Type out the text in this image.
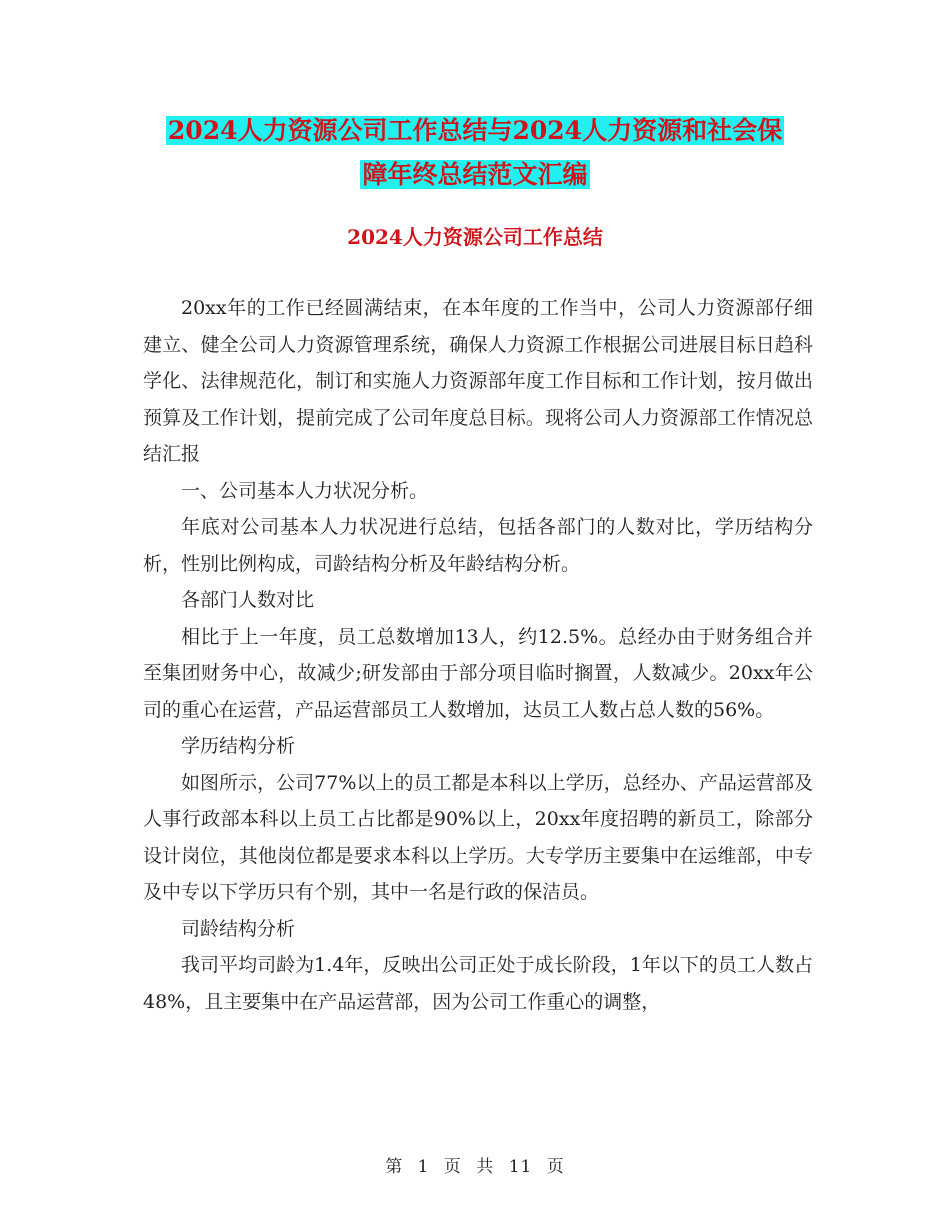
2024人力资源公司工作总结与2024人力资源和社会保
障年终总结范文汇编
2024人力资源公司工作总结

20xx年的工作已经圆满结束，在本年度的工作当中，公司人力资源部仔细建立、健全公司人力资源管理系统，确保人力资源工作根据公司进展目标日趋科学化、法律规范化，制订和实施人力资源部年度工作目标和工作计划，按月做出预算及工作计划，提前完成了公司年度总目标。现将公司人力资源部工作情况总结汇报

一、公司基本人力状况分析。

年底对公司基本人力状况进行总结，包括各部门的人数对比，学历结构分析，性别比例构成，司龄结构分析及年龄结构分析。

各部门人数对比

相比于上一年度，员工总数增加13人，约12.5%。总经办由于财务组合并至集团财务中心，故减少;研发部由于部分项目临时搁置，人数减少。20xx年公司的重心在运营，产品运营部员工人数增加，达员工人数占总人数的56%。

学历结构分析

如图所示，公司77%以上的员工都是本科以上学历，总经办、产品运营部及人事行政部本科以上员工占比都是90%以上，20xx年度招聘的新员工，除部分设计岗位，其他岗位都是要求本科以上学历。大专学历主要集中在运维部，中专及中专以下学历只有个别，其中一名是行政的保洁员。

司龄结构分析

我司平均司龄为1.4年，反映出公司正处于成长阶段，1年以下的员工人数占48%，且主要集中在产品运营部，因为公司工作重心的调整，

第 1 页 共 11 页
